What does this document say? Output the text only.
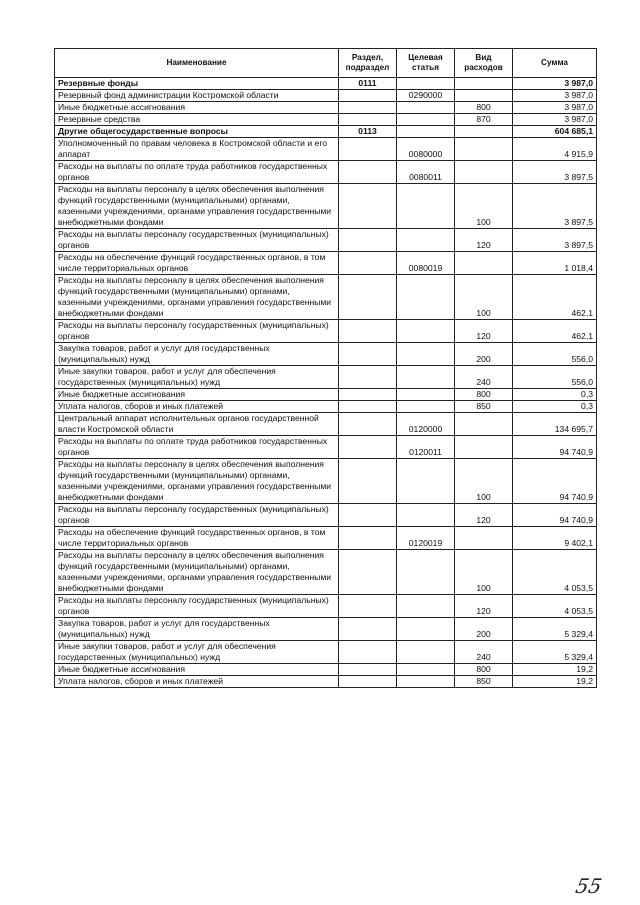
Наименование	Раздел, подраздел	Целевая статья	Вид расходов	Сумма
Резервные фонды	0111			3 987,0
Резервный фонд администрации Костромской области		0290000		3 987,0
Иные бюджетные ассигнования			800	3 987,0
Резервные средства			870	3 987,0
Другие общегосударственные вопросы	0113			604 685,1
Уполномоченный по правам человека в Костромской области и его аппарат		0080000		4 915,9
Расходы на выплаты по оплате труда работников государственных органов		0080011		3 897,5
Расходы на выплаты персоналу в целях обеспечения выполнения функций государственными (муниципальными) органами, казенными учреждениями, органами управления государственными внебюджетными фондами			100	3 897,5
Расходы на выплаты персоналу государственных (муниципальных) органов			120	3 897,5
Расходы на обеспечение функций государственных органов, в том числе территориальных органов		0080019		1 018,4
Расходы на выплаты персоналу в целях обеспечения выполнения функций государственными (муниципальными) органами, казенными учреждениями, органами управления государственными внебюджетными фондами			100	462,1
Расходы на выплаты персоналу государственных (муниципальных) органов			120	462,1
Закупка товаров, работ и услуг для государственных (муниципальных) нужд			200	556,0
Иные закупки товаров, работ и услуг для обеспечения государственных (муниципальных) нужд			240	556,0
Иные бюджетные ассигнования			800	0,3
Уплата налогов, сборов и иных платежей			850	0,3
Центральный аппарат исполнительных органов государственной власти Костромской области		0120000		134 695,7
Расходы на выплаты по оплате труда работников государственных органов		0120011		94 740,9
Расходы на выплаты персоналу в целях обеспечения выполнения функций государственными (муниципальными) органами, казенными учреждениями, органами управления государственными внебюджетными фондами			100	94 740,9
Расходы на выплаты персоналу государственных (муниципальных) органов			120	94 740,9
Расходы на обеспечение функций государственных органов, в том числе территориальных органов		0120019		9 402,1
Расходы на выплаты персоналу в целях обеспечения выполнения функций государственными (муниципальными) органами, казенными учреждениями, органами управления государственными внебюджетными фондами			100	4 053,5
Расходы на выплаты персоналу государственных (муниципальных) органов			120	4 053,5
Закупка товаров, работ и услуг для государственных (муниципальных) нужд			200	5 329,4
Иные закупки товаров, работ и услуг для обеспечения государственных (муниципальных) нужд			240	5 329,4
Иные бюджетные ассигнования			800	19,2
Уплата налогов, сборов и иных платежей			850	19,2
55
